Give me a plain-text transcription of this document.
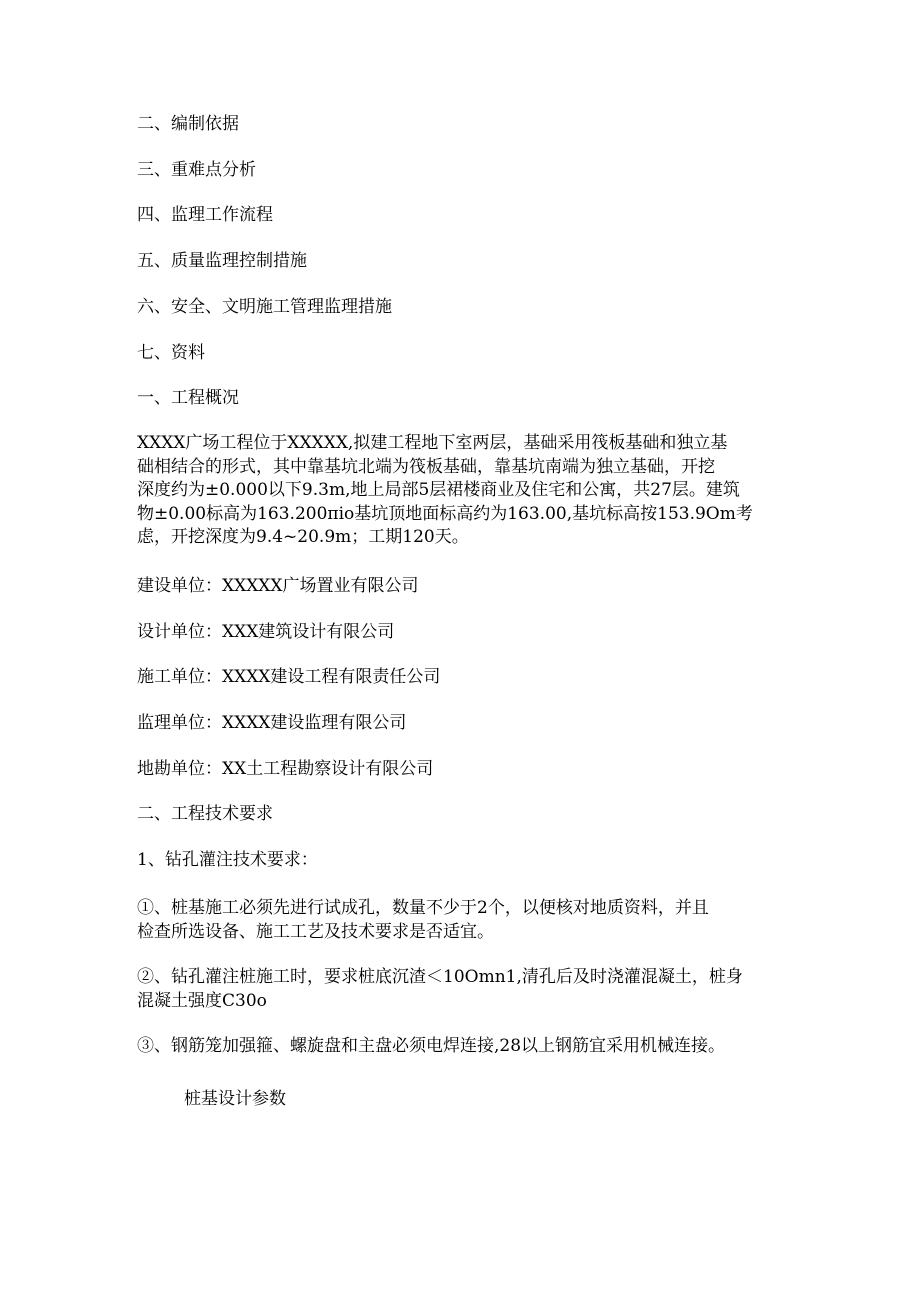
二、编制依据

三、重难点分析

四、监理工作流程

五、质量监理控制措施

六、安全、文明施工管理监理措施

七、资料

一、工程概况

XXXX广场工程位于XXXXX,拟建工程地下室两层，基础采用筏板基础和独立基
础相结合的形式，其中靠基坑北端为筏板基础，靠基坑南端为独立基础，开挖
深度约为±0.000以下9.3m,地上局部5层裙楼商业及住宅和公寓，共27层。建筑
物±0.00标高为163.200πio基坑顶地面标高约为163.00,基坑标高按153.9Om考
虑，开挖深度为9.4~20.9m；工期120天。

建设单位：XXXXX广场置业有限公司

设计单位：XXX建筑设计有限公司

施工单位：XXXX建设工程有限责任公司

监理单位：XXXX建设监理有限公司

地勘单位：XX土工程勘察设计有限公司

二、工程技术要求

1、钻孔灌注技术要求：

①、桩基施工必须先进行试成孔，数量不少于2个，以便核对地质资料，并且
检查所选设备、施工工艺及技术要求是否适宜。
②、钻孔灌注桩施工时，要求桩底沉渣＜10Omn1,清孔后及时浇灌混凝土，桩身
混凝土强度C30o

③、钢筋笼加强箍、螺旋盘和主盘必须电焊连接,28以上钢筋宜采用机械连接。

桩基设计参数
